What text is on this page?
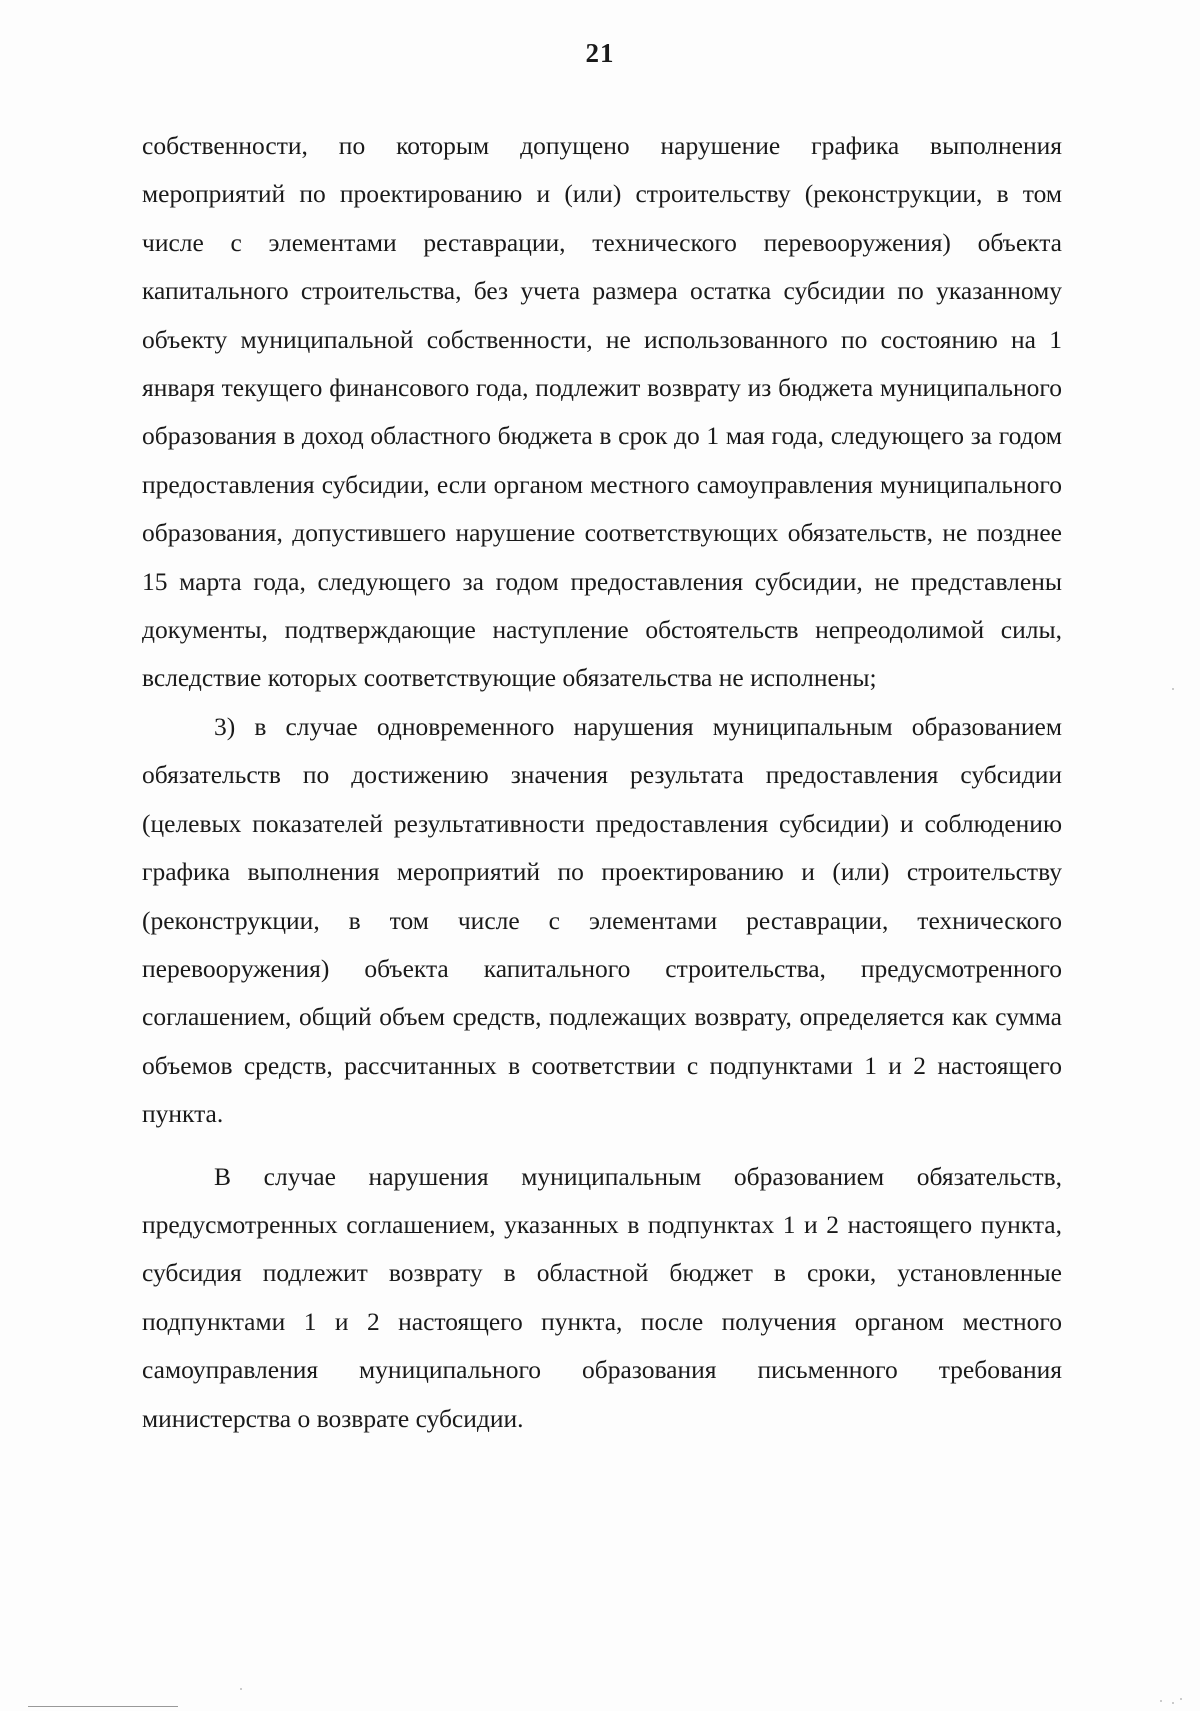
21

собственности, по которым допущено нарушение графика выполнения мероприятий по проектированию и (или) строительству (реконструкции, в том числе с элементами реставрации, технического перевооружения) объекта капитального строительства, без учета размера остатка субсидии по указанному объекту муниципальной собственности, не использованного по состоянию на 1 января текущего финансового года, подлежит возврату из бюджета муниципального образования в доход областного бюджета в срок до 1 мая года, следующего за годом предоставления субсидии, если органом местного самоуправления муниципального образования, допустившего нарушение соответствующих обязательств, не позднее 15 марта года, следующего за годом предоставления субсидии, не представлены документы, подтверждающие наступление обстоятельств непреодолимой силы, вследствие которых соответствующие обязательства не исполнены;

3) в случае одновременного нарушения муниципальным образованием обязательств по достижению значения результата предоставления субсидии (целевых показателей результативности предоставления субсидии) и соблюдению графика выполнения мероприятий по проектированию и (или) строительству (реконструкции, в том числе с элементами реставрации, технического перевооружения) объекта капитального строительства, предусмотренного соглашением, общий объем средств, подлежащих возврату, определяется как сумма объемов средств, рассчитанных в соответствии с подпунктами 1 и 2 настоящего пункта.

В случае нарушения муниципальным образованием обязательств, предусмотренных соглашением, указанных в подпунктах 1 и 2 настоящего пункта, субсидия подлежит возврату в областной бюджет в сроки, установленные подпунктами 1 и 2 настоящего пункта, после получения органом местного самоуправления муниципального образования письменного требования министерства о возврате субсидии.
